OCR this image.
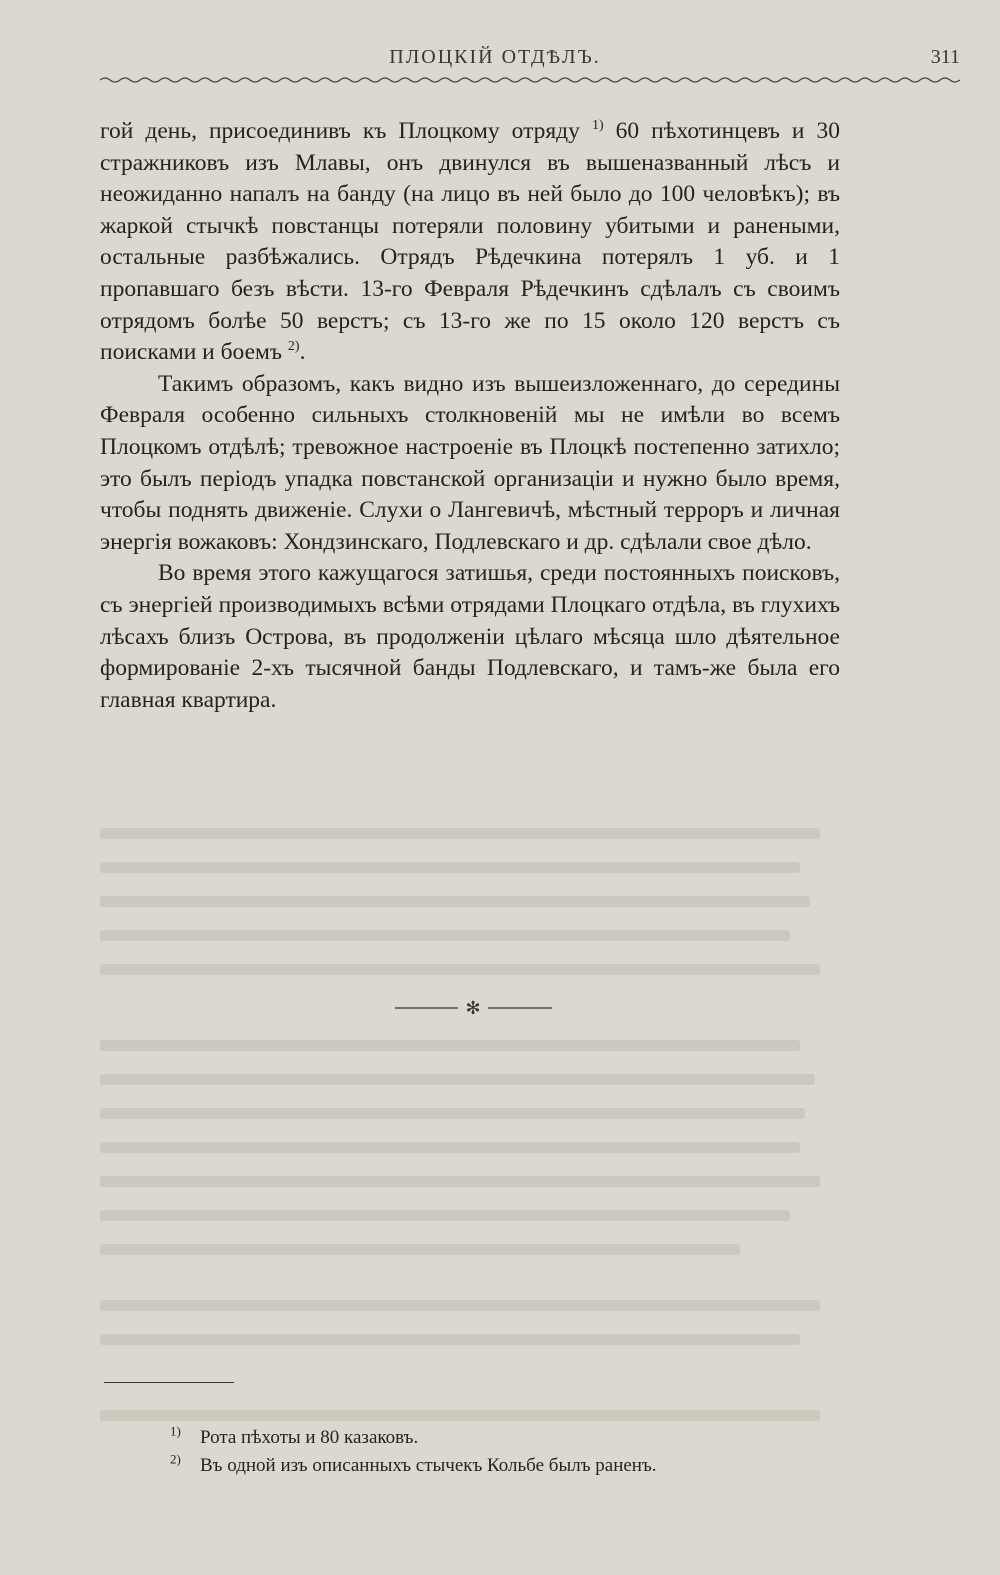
ПЛОЦКІЙ ОТДѢЛЪ.	311

гой день, присоединивъ къ Плоцкому отряду $^{1)}$ 60 пѣхотинцевъ и 30 стражниковъ изъ Млавы, онъ двинулся въ вышеназванный лѣсъ и неожиданно напалъ на банду (на лицо въ ней было до 100 человѣкъ); въ жаркой стычкѣ повстанцы потеряли половину убитыми и ранеными, остальные разбѣжались. Отрядъ Рѣдечкина потерялъ 1 уб. и 1 пропавшаго безъ вѣсти. 13-го Февраля Рѣдечкинъ сдѣлалъ съ своимъ отрядомъ болѣе 50 верстъ; съ 13-го же по 15 около 120 верстъ съ поисками и боемъ $^{2)}$.

Такимъ образомъ, какъ видно изъ вышеизложеннаго, до середины Февраля особенно сильныхъ столкновеній мы не имѣли во всемъ Плоцкомъ отдѣлѣ; тревожное настроеніе въ Плоцкѣ постепенно затихло; это былъ періодъ упадка повстанской организаціи и нужно было время, чтобы поднять движеніе. Слухи о Лангевичѣ, мѣстный терроръ и личная энергія вожаковъ: Хондзинскаго, Подлевскаго и др. сдѣлали свое дѣло.

Во время этого кажущагося затишья, среди постоянныхъ поисковъ, съ энергіей производимыхъ всѣми отрядами Плоцкаго отдѣла, въ глухихъ лѣсахъ близъ Острова, въ продолженіи цѣлаго мѣсяца шло дѣятельное формированіе 2-хъ тысячной банды Подлевскаго, и тамъ-же была его главная квартира.

✻
$^{1)}$ Рота пѣхоты и 80 казаковъ.
$^{2)}$ Въ одной изъ описанныхъ стычекъ Кольбе былъ раненъ.
